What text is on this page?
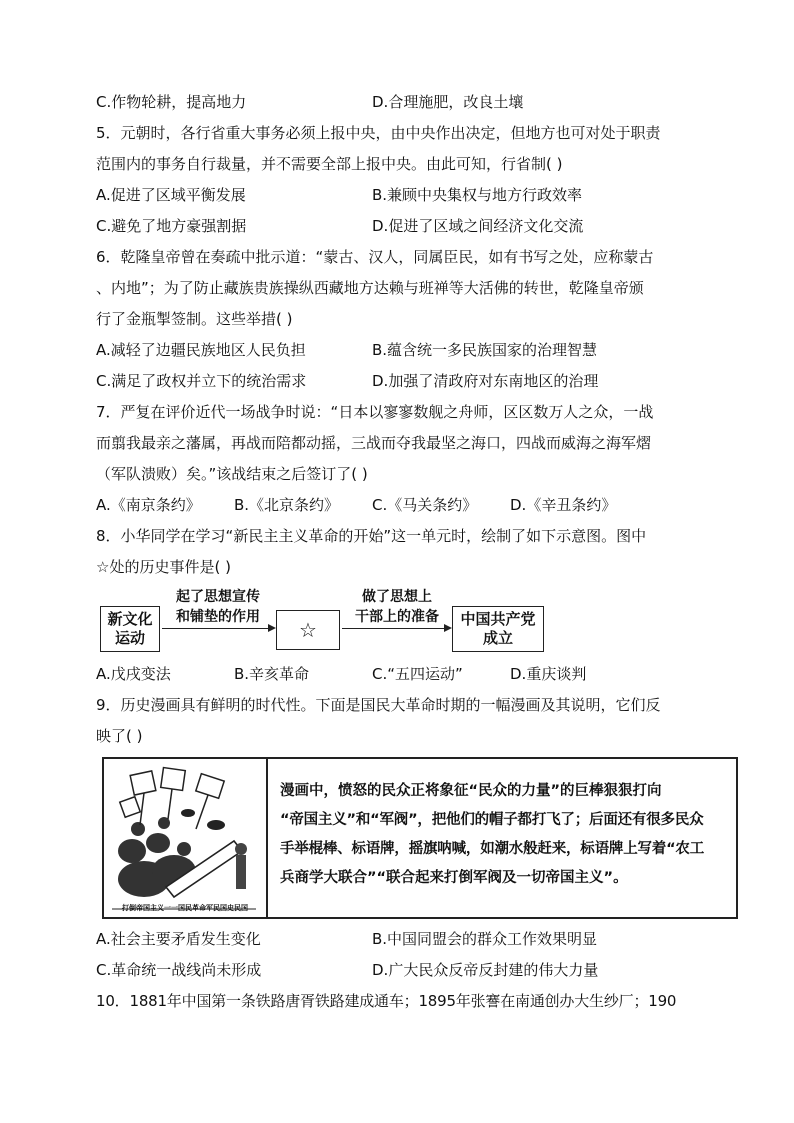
C.作物轮耕，提高地力	D.合理施肥，改良土壤
5．元朝时，各行省重大事务必须上报中央，由中央作出决定，但地方也可对处于职责
范围内的事务自行裁量，并不需要全部上报中央。由此可知，行省制( )
A.促进了区域平衡发展	B.兼顾中央集权与地方行政效率
C.避免了地方豪强割据	D.促进了区域之间经济文化交流
6．乾隆皇帝曾在奏疏中批示道：“蒙古、汉人，同属臣民，如有书写之处，应称蒙古
、内地”；为了防止藏族贵族操纵西藏地方达赖与班禅等大活佛的转世，乾隆皇帝颁
行了金瓶掣签制。这些举措( )
A.减轻了边疆民族地区人民负担	B.蕴含统一多民族国家的治理智慧
C.满足了政权并立下的统治需求	D.加强了清政府对东南地区的治理
7．严复在评价近代一场战争时说：“日本以寥寥数舰之舟师，区区数万人之众，一战
而翦我最亲之藩属，再战而陪都动摇，三战而夺我最坚之海口，四战而威海之海军熠
（军队溃败）矣。”该战结束之后签订了( )
A.《南京条约》	B.《北京条约》	C.《马关条约》	D.《辛丑条约》
8．小华同学在学习“新民主主义革命的开始”这一单元时，绘制了如下示意图。图中
☆处的历史事件是( )
新文化
运动
起了思想宣传
和铺垫的作用
☆
做了思想上
干部上的准备	中国共产党
成立
A.戊戌变法	B.辛亥革命	C.“五四运动”	D.重庆谈判
9．历史漫画具有鲜明的时代性。下面是国民大革命时期的一幅漫画及其说明，它们反
映了( )
打倒帝国主义一一国民革命军民国史民国

漫画中，愤怒的民众正将象征“民众的力量”的巨棒狠狠打向

“帝国主义”和“军阀”，把他们的帽子都打飞了；后面还有很多民众

手举棍棒、标语牌，摇旗呐喊，如潮水般赶来，标语牌上写着“农工

兵商学大联合”“联合起来打倒军阀及一切帝国主义”。

A.社会主要矛盾发生变化	B.中国同盟会的群众工作效果明显
C.革命统一战线尚未形成	D.广大民众反帝反封建的伟大力量
10．1881年中国第一条铁路唐胥铁路建成通车；1895年张謇在南通创办大生纱厂；190
